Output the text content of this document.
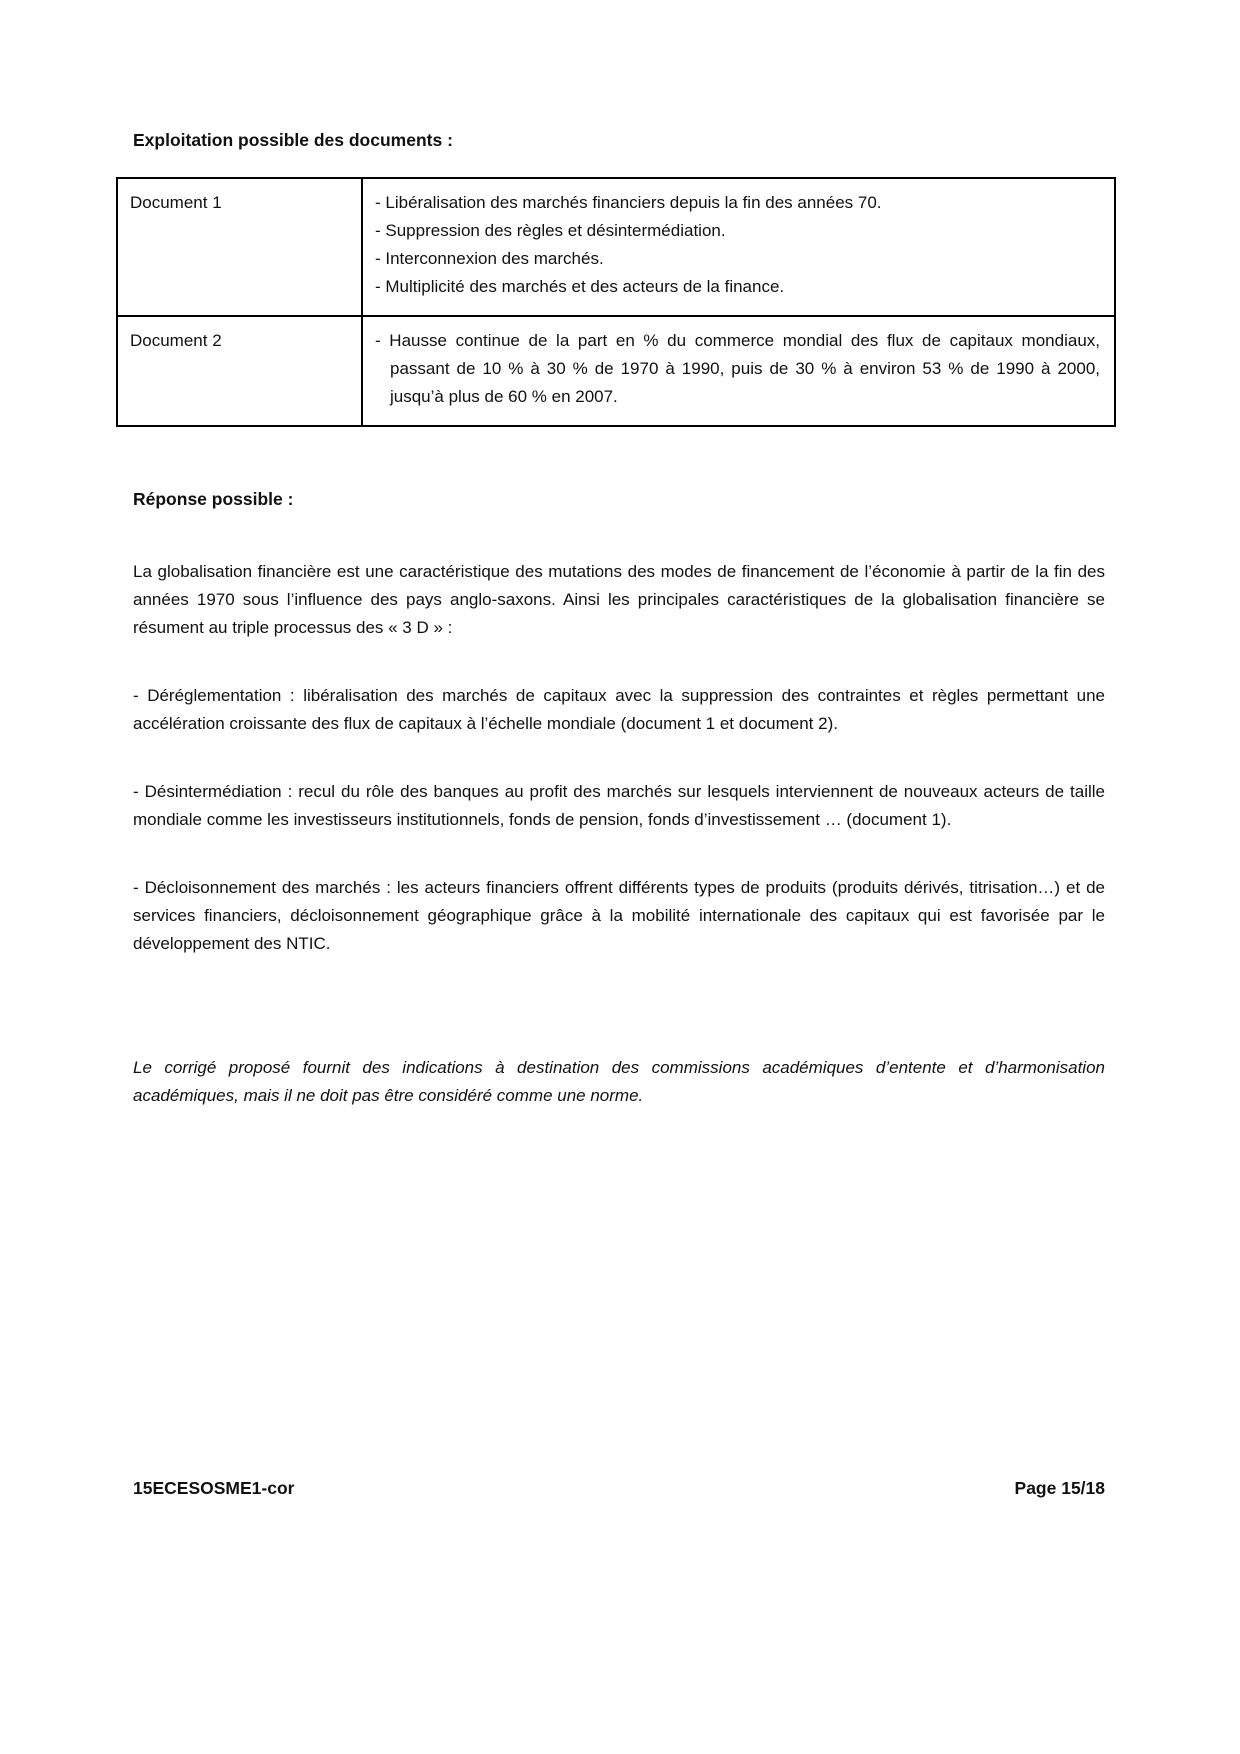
Exploitation possible des documents :
Document 1	- Libéralisation des marchés financiers depuis la fin des années 70.
- Suppression des règles et désintermédiation.
- Interconnexion des marchés.
- Multiplicité des marchés et des acteurs de la finance.
Document 2	- Hausse continue de la part en % du commerce mondial des flux de capitaux mondiaux, passant de 10 % à 30 % de 1970 à 1990, puis de 30 % à environ 53 % de 1990 à 2000, jusqu’à plus de 60 % en 2007.
Réponse possible :

La globalisation financière est une caractéristique des mutations des modes de financement de l’économie à partir de la fin des années 1970 sous l’influence des pays anglo-saxons. Ainsi les principales caractéristiques de la globalisation financière se résument au triple processus des « 3 D » :

- Déréglementation : libéralisation des marchés de capitaux avec la suppression des contraintes et règles permettant une accélération croissante des flux de capitaux à l’échelle mondiale (document 1 et document 2).

- Désintermédiation : recul du rôle des banques au profit des marchés sur lesquels interviennent de nouveaux acteurs de taille mondiale comme les investisseurs institutionnels, fonds de pension, fonds d’investissement … (document 1).

- Décloisonnement des marchés : les acteurs financiers offrent différents types de produits (produits dérivés, titrisation…) et de services financiers, décloisonnement géographique grâce à la mobilité internationale des capitaux qui est favorisée par le développement des NTIC.

Le corrigé proposé fournit des indications à destination des commissions académiques d’entente et d’harmonisation académiques, mais il ne doit pas être considéré comme une norme.

15ECESOSME1-cor	Page 15/18
